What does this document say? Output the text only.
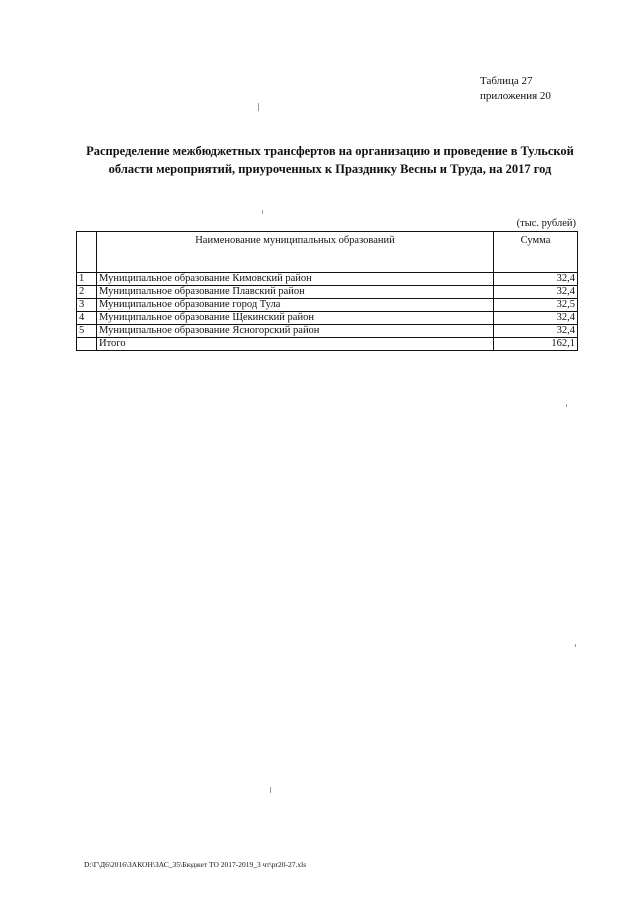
Таблица 27
приложения 20
Распределение межбюджетных трансфертов на организацию и проведение в Тульской
области мероприятий, приуроченных к Празднику Весны и Труда, на 2017 год
(тыс. рублей)
	Наименование муниципальных образований	Сумма
1	Муниципальное образование Кимовский район	32,4
2	Муниципальное образование Плавский район	32,4
3	Муниципальное образование город Тула	32,5
4	Муниципальное образование Щекинский район	32,4
5	Муниципальное образование Ясногорский район	32,4
	Итого	162,1
D:\Г\Д6\2016\ЗАКОН\ЗАС_35\Бюджет ТО 2017-2019_3 чт\pr20-27.xls
